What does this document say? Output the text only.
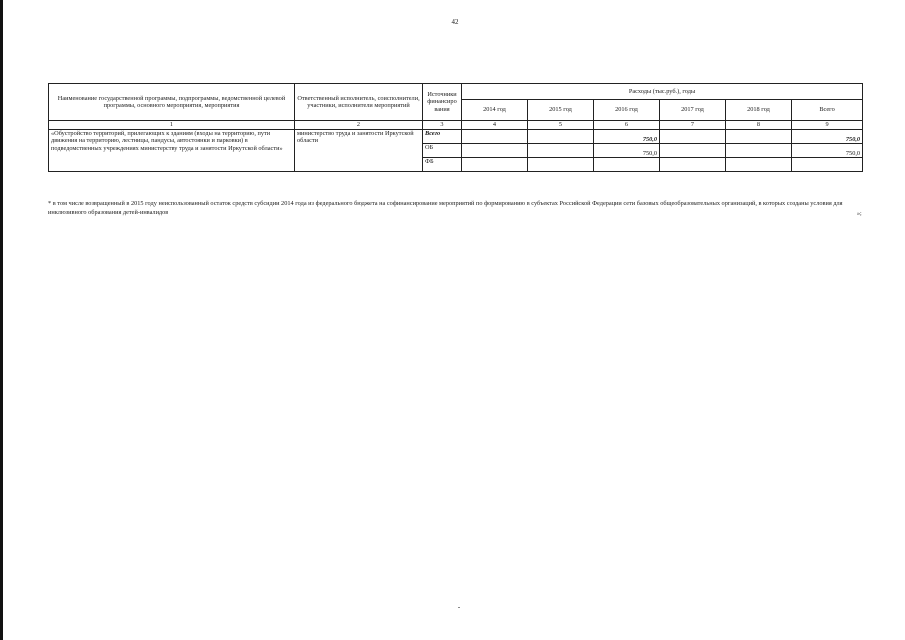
42
Наименование государственной программы, подпрограммы, ведомственной целевой программы, основного мероприятия, мероприятия	Ответственный исполнитель, соисполнители, участники, исполнители мероприятий	Источники финансиро вания	Расходы (тыс.руб.), годы					
			2014 год	2015 год	2016 год	2017 год	2018 год	Всего
1	2	3	4	5	6	7	8	9
«Обустройство территорий, прилегающих к зданиям (входы на территорию, пути движения на территорию, лестницы, пандусы, автостоянки и парковки) в подведомственных учреждениях министерству труда и занятости Иркутской области»	министерство труда и занятости Иркутской области	Всего			750,0			750,0
		ОБ			750,0			750,0
		ФБ						
* в том числе возвращенный в 2015 году неиспользованный остаток средств субсидии 2014 года из федерального бюджета на софинансирование мероприятий по формированию в субъектах Российской Федерации сети базовых общеобразовательных организаций, в которых созданы условия для инклюзивного образования детей-инвалидов	»;
